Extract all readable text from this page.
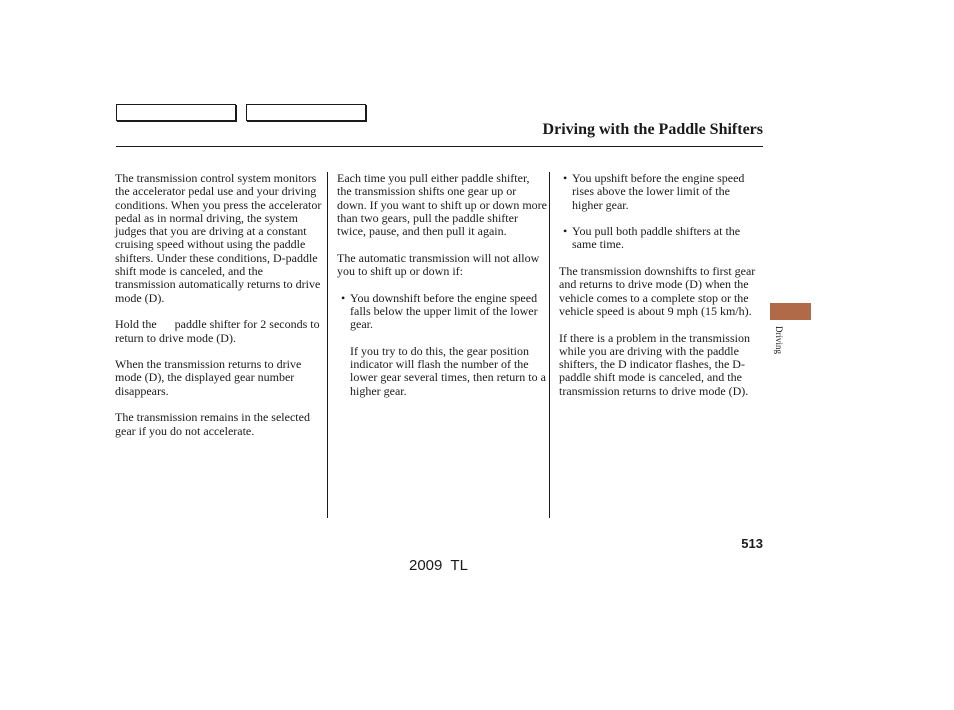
Driving with the Paddle Shifters

The transmission control system monitors the accelerator pedal use and your driving conditions. When you press the accelerator pedal as in normal driving, the system judges that you are driving at a constant cruising speed without using the paddle shifters. Under these conditions, D-paddle shift mode is canceled, and the transmission automatically returns to drive mode (D).

Hold the      paddle shifter for 2 seconds to return to drive mode (D).

When the transmission returns to drive mode (D), the displayed gear number disappears.

The transmission remains in the selected gear if you do not accelerate.

Each time you pull either paddle shifter, the transmission shifts one gear up or down. If you want to shift up or down more than two gears, pull the paddle shifter twice, pause, and then pull it again.

The automatic transmission will not allow you to shift up or down if:

• You downshift before the engine speed falls below the upper limit of the lower gear.
If you try to do this, the gear position indicator will flash the number of the lower gear several times, then return to a higher gear.
• You upshift before the engine speed rises above the lower limit of the higher gear.
• You pull both paddle shifters at the same time.

The transmission downshifts to first gear and returns to drive mode (D) when the vehicle comes to a complete stop or the vehicle speed is about 9 mph (15 km/h).

If there is a problem in the transmission while you are driving with the paddle shifters, the D indicator flashes, the D-paddle shift mode is canceled, and the transmission returns to drive mode (D).

Driving
513
2009  TL
